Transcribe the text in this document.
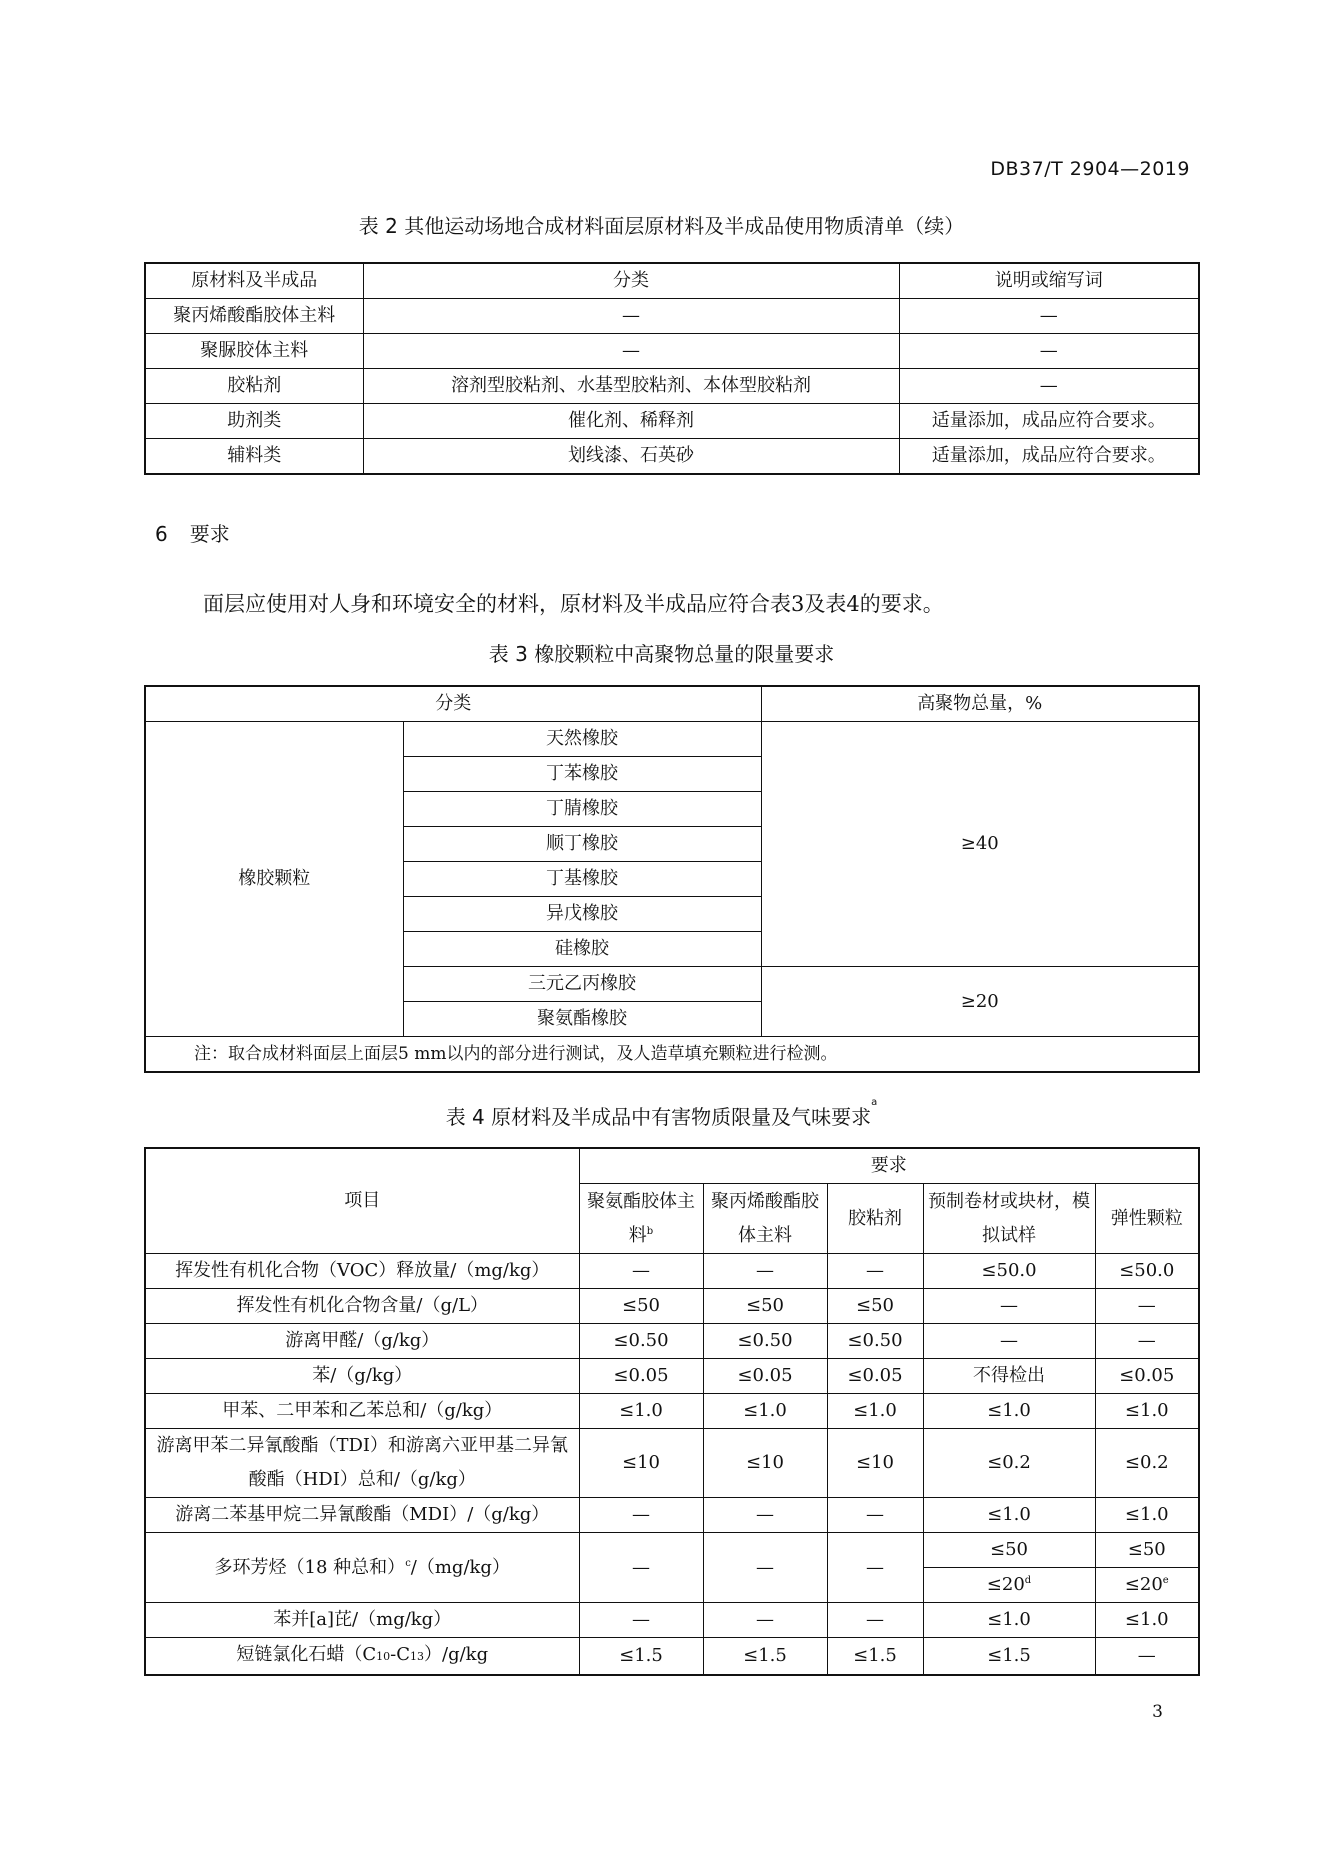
DB37/T 2904—2019
表 2 其他运动场地合成材料面层原材料及半成品使用物质清单（续）
原材料及半成品	分类	说明或缩写词
聚丙烯酸酯胶体主料	—	—
聚脲胶体主料	—	—
胶粘剂	溶剂型胶粘剂、水基型胶粘剂、本体型胶粘剂	—
助剂类	催化剂、稀释剂	适量添加，成品应符合要求。
辅料类	划线漆、石英砂	适量添加，成品应符合要求。
6 要求
面层应使用对人身和环境安全的材料，原材料及半成品应符合表3及表4的要求。
表 3 橡胶颗粒中高聚物总量的限量要求
分类		高聚物总量，%
橡胶颗粒	天然橡胶	≥40
	丁苯橡胶	
	丁腈橡胶	
	顺丁橡胶	
	丁基橡胶	
	异戊橡胶	
	硅橡胶	
	三元乙丙橡胶	≥20
	聚氨酯橡胶	
注：取合成材料面层上面层5 mm以内的部分进行测试，及人造草填充颗粒进行检测。		
表 4 原材料及半成品中有害物质限量及气味要求$^a$
项目	要求				
	聚氨酯胶体主料$^b$	聚丙烯酸酯胶体主料	胶粘剂	预制卷材或块材，模拟试样	弹性颗粒
挥发性有机化合物（VOC）释放量/（mg/kg）	—	—	—	≤50.0	≤50.0
挥发性有机化合物含量/（g/L）	≤50	≤50	≤50	—	—
游离甲醛/（g/kg）	≤0.50	≤0.50	≤0.50	—	—
苯/（g/kg）	≤0.05	≤0.05	≤0.05	不得检出	≤0.05
甲苯、二甲苯和乙苯总和/（g/kg）	≤1.0	≤1.0	≤1.0	≤1.0	≤1.0
游离甲苯二异氰酸酯（TDI）和游离六亚甲基二异氰酸酯（HDI）总和/（g/kg）	≤10	≤10	≤10	≤0.2	≤0.2
游离二苯基甲烷二异氰酸酯（MDI）/（g/kg）	—	—	—	≤1.0	≤1.0
多环芳烃（18 种总和）$^c$/（mg/kg）	—	—	—	≤50	≤50
				$\le 20^d$	$\le 20^e$
苯并[a]芘/（mg/kg）	—	—	—	≤1.0	≤1.0
短链氯化石蜡（C10-C13）/g/kg	≤1.5	≤1.5	≤1.5	≤1.5	—
3
